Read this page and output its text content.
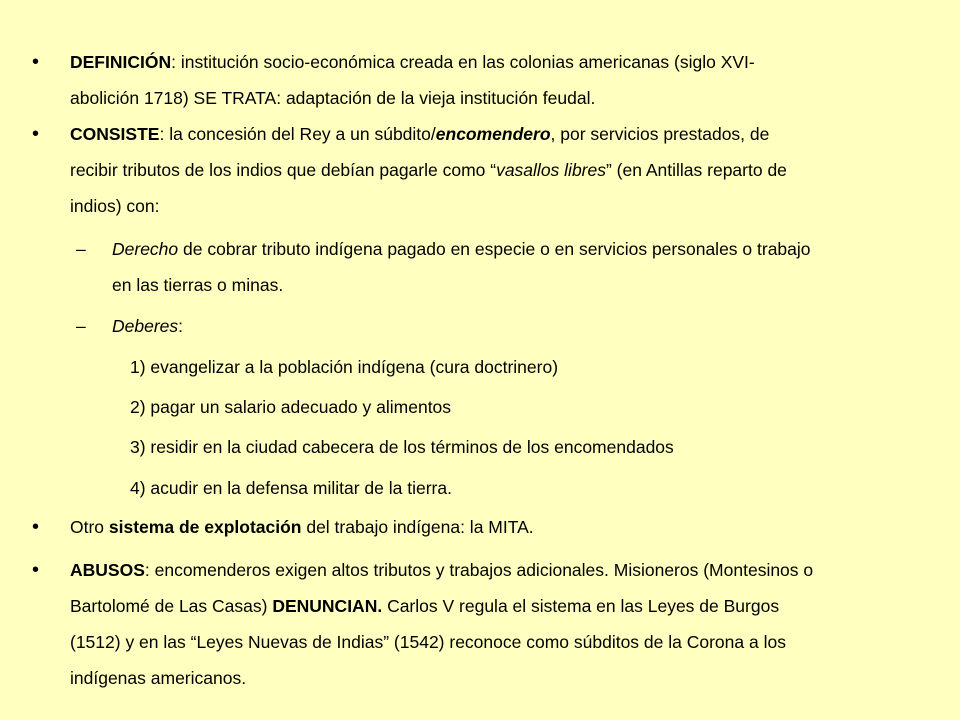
• DEFINICIÓN: institución socio-económica creada en las colonias americanas (siglo XVI-
abolición 1718) SE TRATA: adaptación de la vieja institución feudal.
• CONSISTE: la concesión del Rey a un súbdito/encomendero, por servicios prestados, de
recibir tributos de los indios que debían pagarle como “vasallos libres” (en Antillas reparto de
indios) con:
– Derecho de cobrar tributo indígena pagado en especie o en servicios personales o trabajo
en las tierras o minas.
– Deberes:
1) evangelizar a la población indígena (cura doctrinero)
2) pagar un salario adecuado y alimentos
3) residir en la ciudad cabecera de los términos de los encomendados
4) acudir en la defensa militar de la tierra.
• Otro sistema de explotación del trabajo indígena: la MITA.
• ABUSOS: encomenderos exigen altos tributos y trabajos adicionales. Misioneros (Montesinos o
Bartolomé de Las Casas) DENUNCIAN. Carlos V regula el sistema en las Leyes de Burgos
(1512) y en las “Leyes Nuevas de Indias” (1542) reconoce como súbditos de la Corona a los
indígenas americanos.
